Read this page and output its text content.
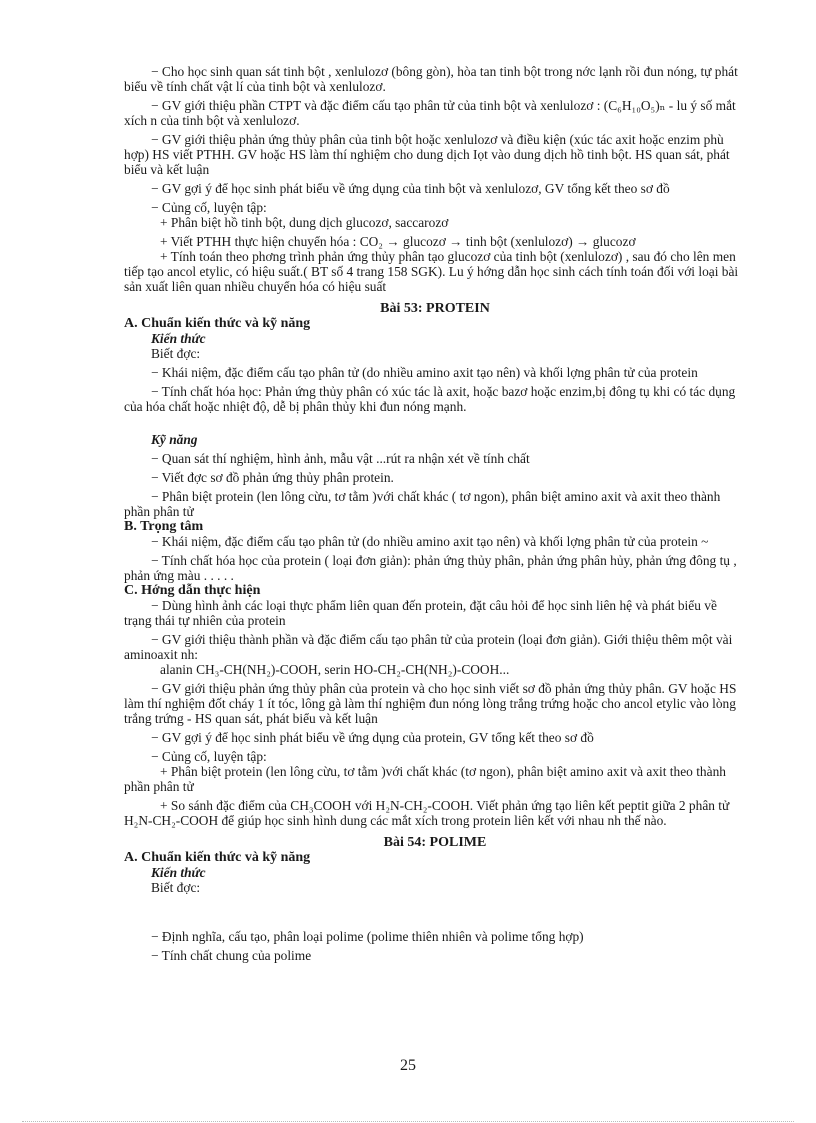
− Cho học sinh quan sát tinh bột , xenlulozơ (bông gòn), hòa tan tinh bột trong nớc lạnh rồi đun nóng, tự phát biểu về tính chất vật lí của tinh bột và xenlulozơ.

− GV giới thiệu phần CTPT và đặc điểm cấu tạo phân tử của tinh bột và xenlulozơ : (C₆H₁₀O₅)ₙ - lu ý số mắt xích n của tinh bột và xenlulozơ.

− GV giới thiệu phản ứng thủy phân của tinh bột hoặc xenlulozơ và điều kiện (xúc tác axit hoặc enzim phù hợp) HS viết PTHH. GV hoặc HS làm thí nghiệm cho dung dịch Iọt vào dung dịch hồ tinh bột. HS quan sát, phát biểu và kết luận

− GV gợi ý để học sinh phát biểu về ứng dụng của tinh bột và xenlulozơ, GV tổng kết theo sơ đồ

− Củng cố, luyện tập:

+ Phân biệt hồ tinh bột, dung dịch glucozơ, saccarozơ

+ Viết PTHH thực hiện chuyển hóa : CO₂ → glucozơ → tinh bột (xenlulozơ) → glucozơ

+ Tính toán theo phơng trình phản ứng thủy phân tạo glucozơ của tinh bột (xenlulozơ) , sau đó cho lên men tiếp tạo ancol etylic, có hiệu suất.( BT số 4 trang 158 SGK). Lu ý hớng dẫn học sinh cách tính toán đối với loại bài sản xuất liên quan nhiều chuyển hóa có hiệu suất

Bài 53: PROTEIN

A. Chuẩn kiến thức và kỹ năng

Kiến thức

Biết đợc:

− Khái niệm, đặc điểm cấu tạo phân tử (do nhiều amino axit tạo nên) và khối lợng phân tử của protein

− Tính chất hóa học: Phản ứng thủy phân có xúc tác là axit, hoặc bazơ hoặc enzim,bị đông tụ khi có tác dụng của hóa chất hoặc nhiệt độ, dễ bị phân thủy khi đun nóng mạnh.

Kỹ năng

− Quan sát thí nghiệm, hình ảnh, mẫu vật ...rút ra nhận xét về tính chất

− Viết đợc sơ đồ phản ứng thủy phân protein.

− Phân biệt protein (len lông cừu, tơ tằm )với chất khác ( tơ ngon), phân biệt amino axit và axit theo thành phần phân tử

B. Trọng tâm

− Khái niệm, đặc điểm cấu tạo phân tử (do nhiều amino axit tạo nên) và khối lợng phân tử của protein ~

− Tính chất hóa học của protein ( loại đơn giản): phản ứng thủy phân, phản ứng phân hủy, phản ứng đông tụ , phản ứng màu . . . . .

C. Hớng dẫn thực hiện

− Dùng hình ảnh các loại thực phẩm liên quan đến protein, đặt câu hỏi để học sinh liên hệ và phát biểu về trạng thái tự nhiên của protein

− GV giới thiệu thành phần và đặc điểm cấu tạo phân tử của protein (loại đơn giản). Giới thiệu thêm một vài aminoaxit nh:

alanin CH₃-CH(NH₂)-COOH, serin HO-CH₂-CH(NH₂)-COOH...

− GV giới thiệu phản ứng thủy phân của protein và cho học sinh viết sơ đồ phản ứng thủy phân. GV hoặc HS làm thí nghiệm đốt cháy 1 ít tóc, lông gà làm thí nghiệm đun nóng lòng trắng trứng hoặc cho ancol etylic vào lòng trắng trứng - HS quan sát, phát biểu và kết luận

− GV gợi ý để học sinh phát biểu về ứng dụng của protein, GV tổng kết theo sơ đồ

− Củng cố, luyện tập:

+ Phân biệt protein (len lông cừu, tơ tằm )với chất khác (tơ ngon), phân biệt amino axit và axit theo thành phần phân tử

+ So sánh đặc điểm của CH₃COOH với H₂N-CH₂-COOH. Viết phản ứng tạo liên kết peptit giữa 2 phân tử H₂N-CH₂-COOH để giúp học sinh hình dung các mắt xích trong protein liên kết với nhau nh thế nào.

Bài 54: POLIME

A. Chuẩn kiến thức và kỹ năng

Kiến thức

Biết đợc:

− Định nghĩa, cấu tạo, phân loại polime (polime thiên nhiên và polime tổng hợp)

− Tính chất chung của polime

25
